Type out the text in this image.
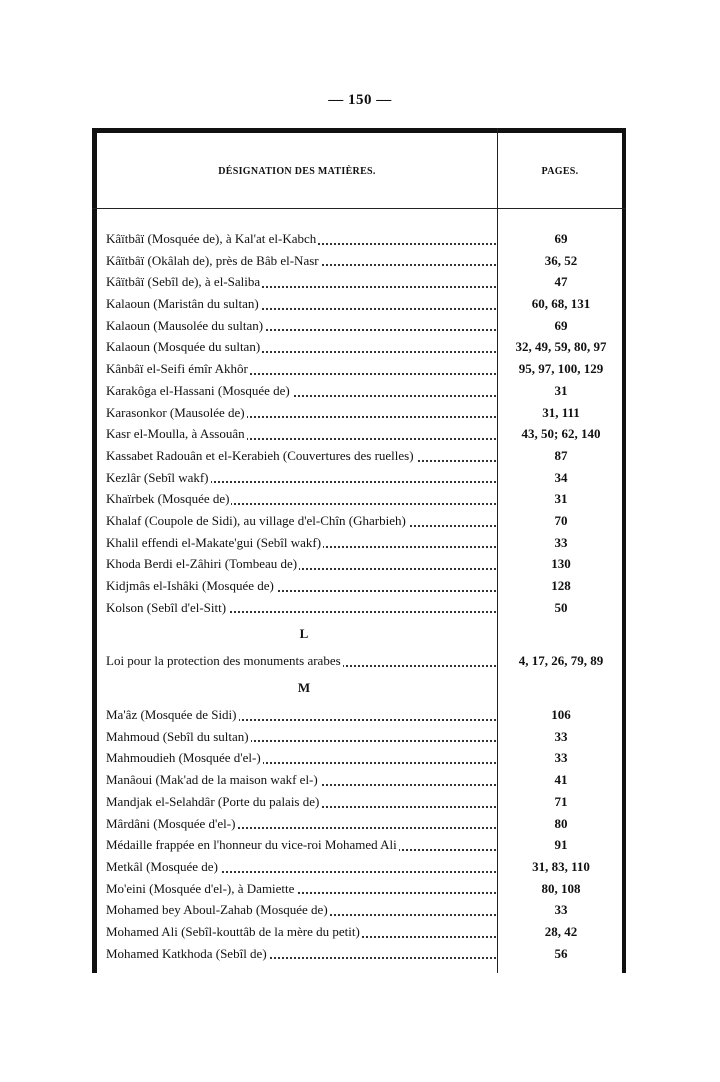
— 150 —
DÉSIGNATION DES MATIÈRES.	PAGES.
Kâïtbâï (Mosquée de), à Kal'at el-Kabch	69
Kâïtbâï (Okâlah de), près de Bâb el-Nasr	36, 52
Kâïtbâï (Sebîl de), à el-Saliba	47
Kalaoun (Maristân du sultan)	60, 68, 131
Kalaoun (Mausolée du sultan)	69
Kalaoun (Mosquée du sultan)	32, 49, 59, 80, 97
Kânbâï el-Seifi émîr Akhôr	95, 97, 100, 129
Karakôga el-Hassani (Mosquée de)	31
Karasonkor (Mausolée de)	31, 111
Kasr el-Moulla, à Assouân	43, 50; 62, 140
Kassabet Radouân et el-Kerabieh (Couvertures des ruelles)	87
Kezlâr (Sebîl wakf)	34
Khaïrbek (Mosquée de)	31
Khalaf (Coupole de Sidi), au village d'el-Chîn (Gharbieh)	70
Khalil effendi el-Makate'gui (Sebîl wakf)	33
Khoda Berdi el-Zâhiri (Tombeau de)	130
Kidjmâs el-Ishâki (Mosquée de)	128
Kolson (Sebîl d'el-Sitt)	50
L
Loi pour la protection des monuments arabes	4, 17, 26, 79, 89
M
Ma'âz (Mosquée de Sidi)	106
Mahmoud (Sebîl du sultan)	33
Mahmoudieh (Mosquée d'el-)	33
Manâoui (Mak'ad de la maison wakf el-)	41
Mandjak el-Selahdâr (Porte du palais de)	71
Mârdâni (Mosquée d'el-)	80
Médaille frappée en l'honneur du vice-roi Mohamed Ali	91
Metkâl (Mosquée de)	31, 83, 110
Mo'eini (Mosquée d'el-), à Damiette	80, 108
Mohamed bey Aboul-Zahab (Mosquée de)	33
Mohamed Ali (Sebîl-kouttâb de la mère du petit)	28, 42
Mohamed Katkhoda (Sebîl de)	56
